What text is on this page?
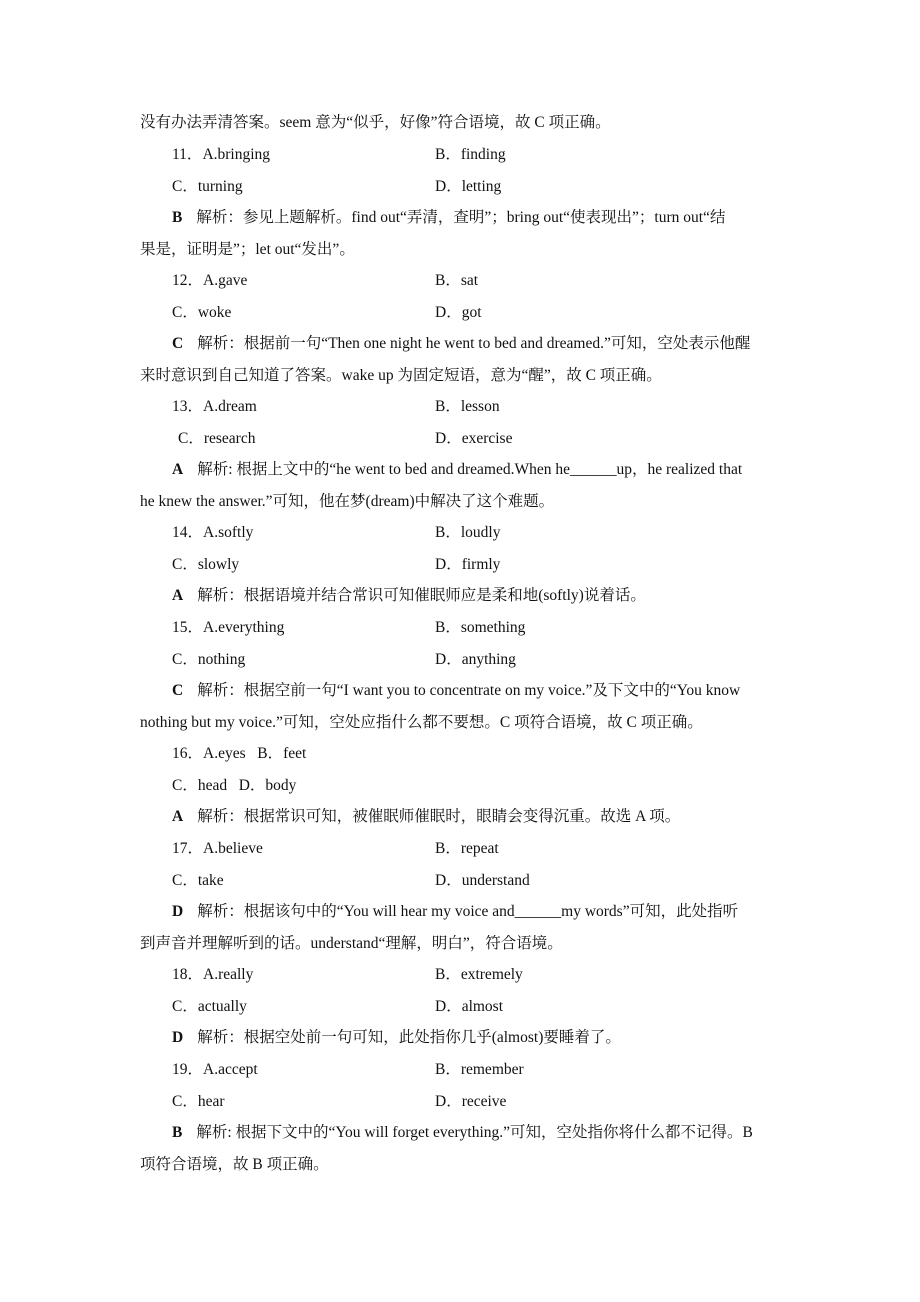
没有办法弄清答案。seem 意为“似乎，好像”符合语境，故 C 项正确。
11．A.bringing	B．finding
C．turning	D．letting
B 解析：参见上题解析。find out“弄清，查明”；bring out“使表现出”；turn out“结
果是，证明是”；let out“发出”。
12．A.gave	B．sat
C．woke	D．got
C 解析：根据前一句“Then one night he went to bed and dreamed.”可知，空处表示他醒
来时意识到自己知道了答案。wake up 为固定短语，意为“醒”，故 C 项正确。
13．A.dream	B．lesson
C．research	D．exercise
A 解析: 根据上文中的“he went to bed and dreamed.When he______up，he realized that
he knew the answer.”可知，他在梦(dream)中解决了这个难题。
14．A.softly	B．loudly
C．slowly	D．firmly
A 解析：根据语境并结合常识可知催眠师应是柔和地(softly)说着话。
15．A.everything	B．something
C．nothing	D．anything
C 解析：根据空前一句“I want you to concentrate on my voice.”及下文中的“You know
nothing but my voice.”可知，空处应指什么都不要想。C 项符合语境，故 C 项正确。
16．A.eyes B．feet
C．head D．body
A 解析：根据常识可知，被催眠师催眠时，眼睛会变得沉重。故选 A 项。
17．A.believe	B．repeat
C．take	D．understand
D 解析：根据该句中的“You will hear my voice and______my words”可知，此处指听
到声音并理解听到的话。understand“理解，明白”，符合语境。
18．A.really	B．extremely
C．actually	D．almost
D 解析：根据空处前一句可知，此处指你几乎(almost)要睡着了。
19．A.accept	B．remember
C．hear	D．receive
B 解析: 根据下文中的“You will forget everything.”可知，空处指你将什么都不记得。B
项符合语境，故 B 项正确。
